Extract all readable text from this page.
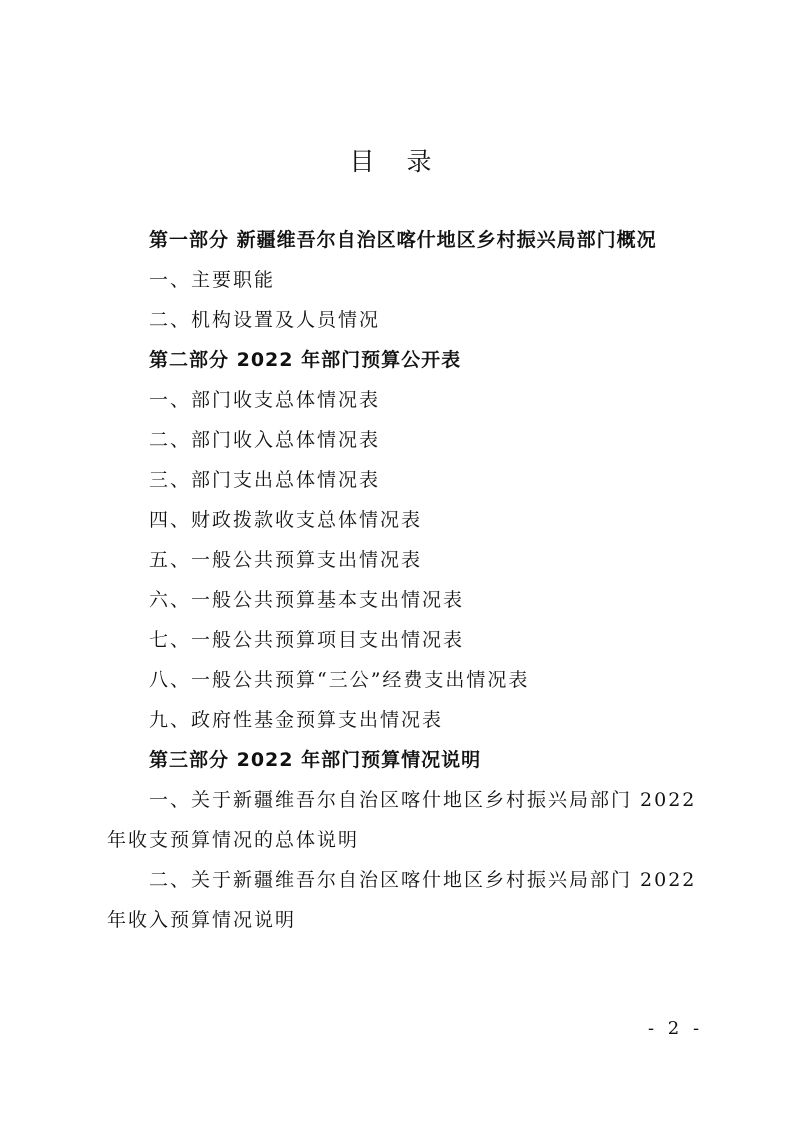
目 录
第一部分 新疆维吾尔自治区喀什地区乡村振兴局部门概况
一、主要职能
二、机构设置及人员情况
第二部分 2022 年部门预算公开表
一、部门收支总体情况表
二、部门收入总体情况表
三、部门支出总体情况表
四、财政拨款收支总体情况表
五、一般公共预算支出情况表
六、一般公共预算基本支出情况表
七、一般公共预算项目支出情况表
八、一般公共预算“三公”经费支出情况表
九、政府性基金预算支出情况表
第三部分 2022 年部门预算情况说明
一、关于新疆维吾尔自治区喀什地区乡村振兴局部门 2022 年收支预算情况的总体说明
二、关于新疆维吾尔自治区喀什地区乡村振兴局部门 2022 年收入预算情况说明
- 2 -
